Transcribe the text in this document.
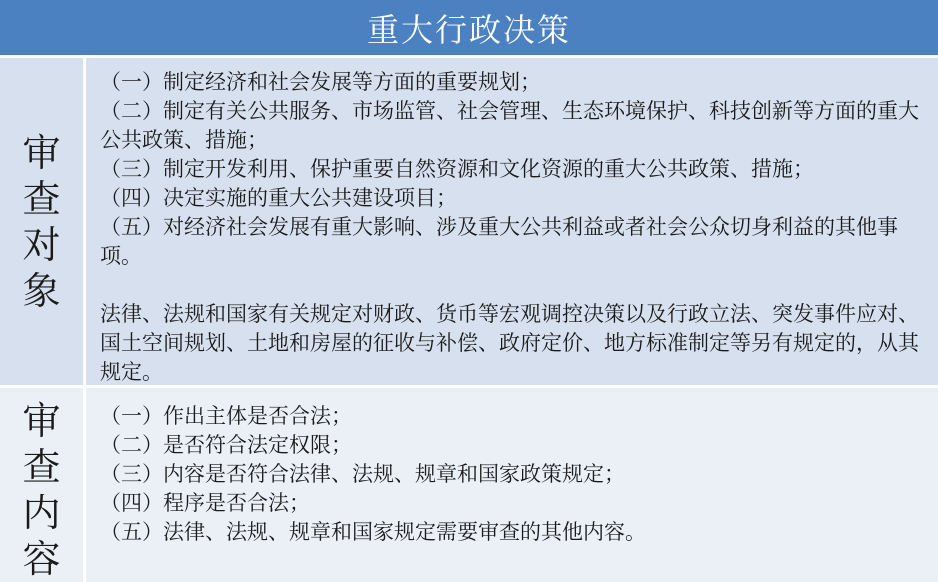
重大行政决策
审
查
对
象
（一）制定经济和社会发展等方面的重要规划；
（二）制定有关公共服务、市场监管、社会管理、生态环境保护、科技创新等方面的重大公共政策、措施；
（三）制定开发利用、保护重要自然资源和文化资源的重大公共政策、措施；
（四）决定实施的重大公共建设项目；
（五）对经济社会发展有重大影响、涉及重大公共利益或者社会公众切身利益的其他事项。
法律、法规和国家有关规定对财政、货币等宏观调控决策以及行政立法、突发事件应对、国土空间规划、土地和房屋的征收与补偿、政府定价、地方标准制定等另有规定的，从其规定。
审
查
内
容
（一）作出主体是否合法；
（二）是否符合法定权限；
（三）内容是否符合法律、法规、规章和国家政策规定；
（四）程序是否合法；
（五）法律、法规、规章和国家规定需要审查的其他内容。
